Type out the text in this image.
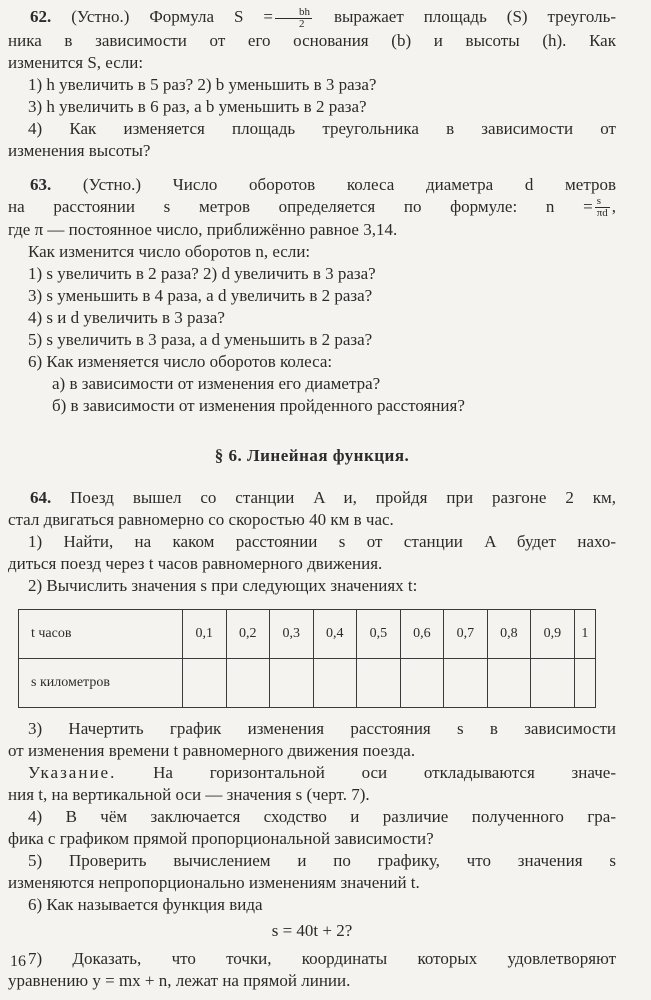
62. (Устно.) Формула $S = \frac{bh}{2}$ выражает площадь (S) треуголь-

ника в зависимости от его основания (b) и высоты (h). Как

изменится S, если:

1) h увеличить в 5 раз? 2) b уменьшить в 3 раза?

3) h увеличить в 6 раз, а b уменьшить в 2 раза?

4) Как изменяется площадь треугольника в зависимости от

изменения высоты?

63. (Устно.) Число оборотов колеса диаметра d метров

на расстоянии s метров определяется по формуле: $n = \frac{s}{\pi d}$ ,

где π — постоянное число, приближённо равное 3,14.

Как изменится число оборотов n, если:

1) s увеличить в 2 раза? 2) d увеличить в 3 раза?

3) s уменьшить в 4 раза, а d увеличить в 2 раза?

4) s и d увеличить в 3 раза?

5) s увеличить в 3 раза, а d уменьшить в 2 раза?

6) Как изменяется число оборотов колеса:

а) в зависимости от изменения его диаметра?

б) в зависимости от изменения пройденного расстояния?

§ 6. Линейная функция.

64. Поезд вышел со станции A и, пройдя при разгоне 2 км,

стал двигаться равномерно со скоростью 40 км в час.

1) Найти, на каком расстоянии s от станции A будет нахо-

диться поезд через t часов равномерного движения.

2) Вычислить значения s при следующих значениях t:

t часов	0,1	0,2	0,3	0,4	0,5	0,6	0,7	0,8	0,9	1
s километров										

3) Начертить график изменения расстояния s в зависимости

от изменения времени t равномерного движения поезда.

Указание. На горизонтальной оси откладываются значе-

ния t, на вертикальной оси — значения s (черт. 7).

4) В чём заключается сходство и различие полученного гра-

фика с графиком прямой пропорциональной зависимости?

5) Проверить вычислением и по графику, что значения s

изменяются непропорционально изменениям значений t.

6) Как называется функция вида

s = 40t + 2?

7) Доказать, что точки, координаты которых удовлетворяют

уравнению y = mx + n, лежат на прямой линии.

16
